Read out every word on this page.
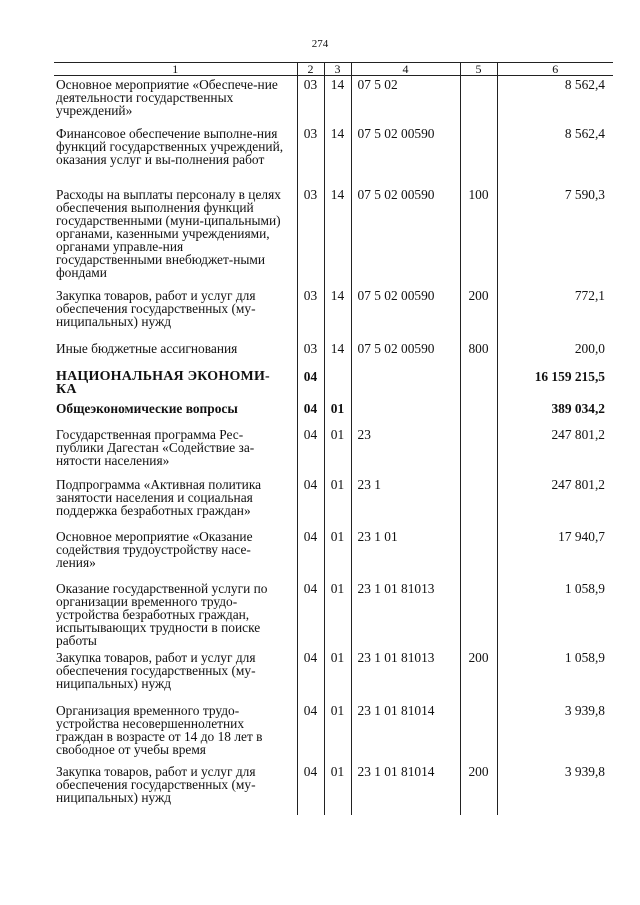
274
1	2	3	4	5	6
Основное мероприятие «Обеспече-ние деятельности государственных учреждений»	03	14	07 5 02		8 562,4
Финансовое обеспечение выполне-ния функций государственных учреждений, оказания услуг и вы-полнения работ	03	14	07 5 02 00590		8 562,4
Расходы на выплаты персоналу в целях обеспечения выполнения функций государственными (муни-ципальными) органами, казенными учреждениями, органами управле-ния государственными внебюджет-ными фондами	03	14	07 5 02 00590	100	7 590,3
Закупка товаров, работ и услуг для обеспечения государственных (му-ниципальных) нужд	03	14	07 5 02 00590	200	772,1
Иные бюджетные ассигнования	03	14	07 5 02 00590	800	200,0
НАЦИОНАЛЬНАЯ ЭКОНОМИ-КА	04				16 159 215,5
Общеэкономические вопросы	04	01			389 034,2
Государственная программа Рес-публики Дагестан «Содействие за-нятости населения»	04	01	23		247 801,2
Подпрограмма «Активная политика занятости населения и социальная поддержка безработных граждан»	04	01	23 1		247 801,2
Основное мероприятие «Оказание содействия трудоустройству насе-ления»	04	01	23 1 01		17 940,7
Оказание государственной услуги по организации временного трудо-устройства безработных граждан, испытывающих трудности в поиске работы	04	01	23 1 01 81013		1 058,9
Закупка товаров, работ и услуг для обеспечения государственных (му-ниципальных) нужд	04	01	23 1 01 81013	200	1 058,9
Организация временного трудо-устройства несовершеннолетних граждан в возрасте от 14 до 18 лет в свободное от учебы время	04	01	23 1 01 81014		3 939,8
Закупка товаров, работ и услуг для обеспечения государственных (му-ниципальных) нужд	04	01	23 1 01 81014	200	3 939,8
